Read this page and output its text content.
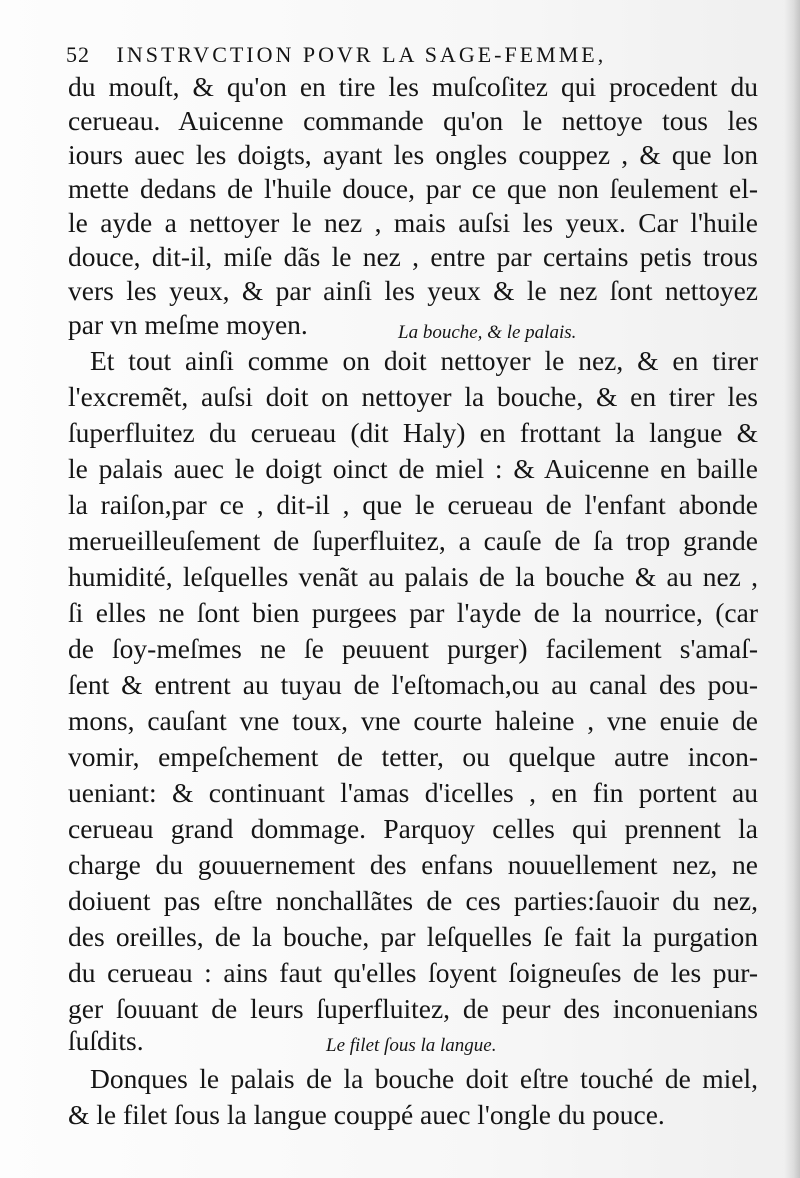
52 INSTRVCTION POVR LA SAGE-FEMME,
du mouſt, & qu'on en tire les muſcoſitez qui procedent du
cerueau. Auicenne commande qu'on le nettoye tous les
iours auec les doigts, ayant les ongles couppez , & que lon
mette dedans de l'huile douce, par ce que non ſeulement el-
le ayde a nettoyer le nez , mais auſsi les yeux. Car l'huile
douce, dit-il, miſe dãs le nez , entre par certains petis trous
vers les yeux, & par ainſi les yeux & le nez ſont nettoyez
par vn meſme moyen.
Et tout ainſi comme on doit nettoyer le nez, & en tirer
l'excremẽt, auſsi doit on nettoyer la bouche, & en tirer les
ſuperfluitez du cerueau (dit Haly) en frottant la langue &
le palais auec le doigt oinct de miel : & Auicenne en baille
la raiſon,par ce , dit-il , que le cerueau de l'enfant abonde
merueilleuſement de ſuperfluitez, a cauſe de ſa trop grande
humidité, leſquelles venãt au palais de la bouche & au nez ,
ſi elles ne ſont bien purgees par l'ayde de la nourrice, (car
de ſoy-meſmes ne ſe peuuent purger) facilement s'amaſ-
ſent & entrent au tuyau de l'eſtomach,ou au canal des pou-
mons, cauſant vne toux, vne courte haleine , vne enuie de
vomir, empeſchement de tetter, ou quelque autre incon-
ueniant: & continuant l'amas d'icelles , en fin portent au
cerueau grand dommage. Parquoy celles qui prennent la
charge du gouuernement des enfans nouuellement nez, ne
doiuent pas eſtre nonchallãtes de ces parties:ſauoir du nez,
des oreilles, de la bouche, par leſquelles ſe fait la purgation
du cerueau : ains faut qu'elles ſoyent ſoigneuſes de les pur-
ger ſouuant de leurs ſuperfluitez, de peur des inconuenians
ſuſdits.
Donques le palais de la bouche doit eſtre touché de miel,
& le filet ſous la langue couppé auec l'ongle du pouce.
La bouche, & le palais.
Le filet ſous la langue.
